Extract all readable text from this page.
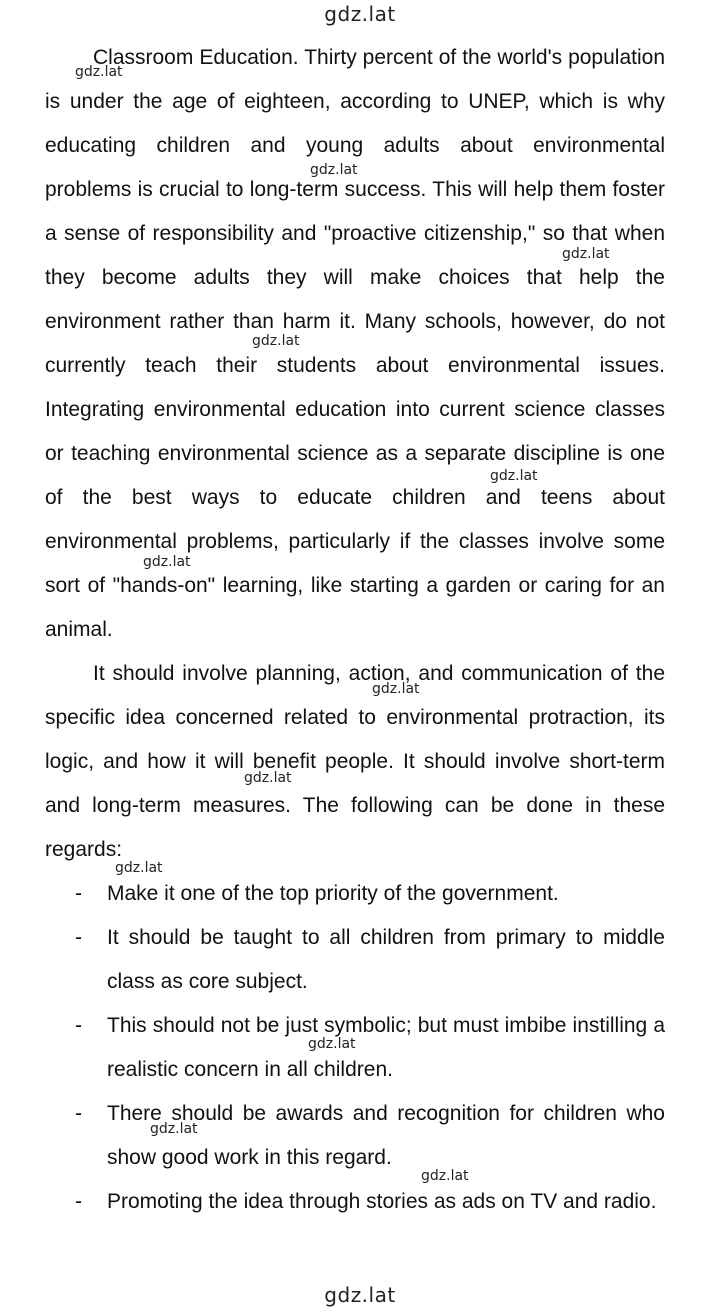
gdz.lat

Classroom Education. Thirty percent of the world's population is under the age of eighteen, according to UNEP, which is why educating children and young adults about environmental problems is crucial to long-term success. This will help them foster a sense of responsibility and "proactive citizenship," so that when they become adults they will make choices that help the environment rather than harm it. Many schools, however, do not currently teach their students about environmental issues. Integrating environmental education into current science classes or teaching environmental science as a separate discipline is one of the best ways to educate children and teens about environmental problems, particularly if the classes involve some sort of "hands-on" learning, like starting a garden or caring for an animal.

It should involve planning, action, and communication of the specific idea concerned related to environmental protraction, its logic, and how it will benefit people. It should involve short-term and long-term measures. The following can be done in these regards:

- Make it one of the top priority of the government.
- It should be taught to all children from primary to middle class as core subject.
- This should not be just symbolic; but must imbibe instilling a realistic concern in all children.
- There should be awards and recognition for children who show good work in this regard.
- Promoting the idea through stories as ads on TV and radio.
gdz.lat
gdz.lat
gdz.lat
gdz.lat
gdz.lat
gdz.lat
gdz.lat
gdz.lat
gdz.lat
gdz.lat
gdz.lat
gdz.lat
gdz.lat
